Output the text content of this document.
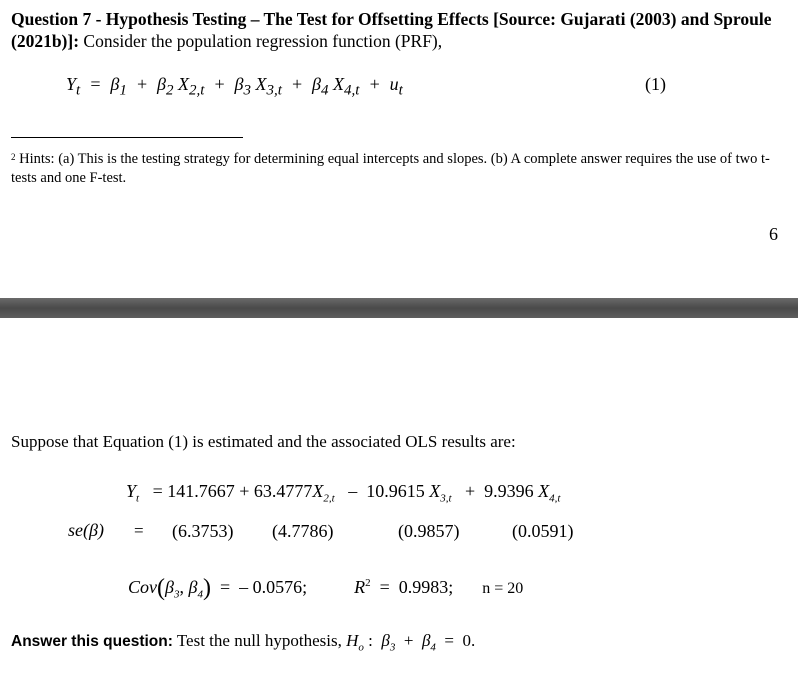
Question 7 - Hypothesis Testing – The Test for Offsetting Effects [Source: Gujarati (2003) and Sproule (2021b)]: Consider the population regression function (PRF),
$Y_t = \beta_1 + \beta_2$ $X_{2,t} + \beta_3$ $X_{3,t} + \beta_4$ $X_{4,t} + u_t$	(1)
$^2$ Hints: (a) This is the testing strategy for determining equal intercepts and slopes. (b) A complete answer requires the use of two t-tests and one F-test.
6
Suppose that Equation (1) is estimated and the associated OLS results are:
$Y_t = 141.7667 + 63.4777X_{2,t} - 10.9615$ $X_{3,t} + 9.9396$ $X_{4,t}$
se(β) = (6.3753) (4.7786)	(0.9857)	(0.0591)
$Cov(\beta_3$, $\beta_4$)  =  – 0.0576;  $R^2 = 0.9983$;  n = 20
Answer this question: Test the null hypothesis, $H_o$ :  $\beta_3 + \beta_4 = 0$.
